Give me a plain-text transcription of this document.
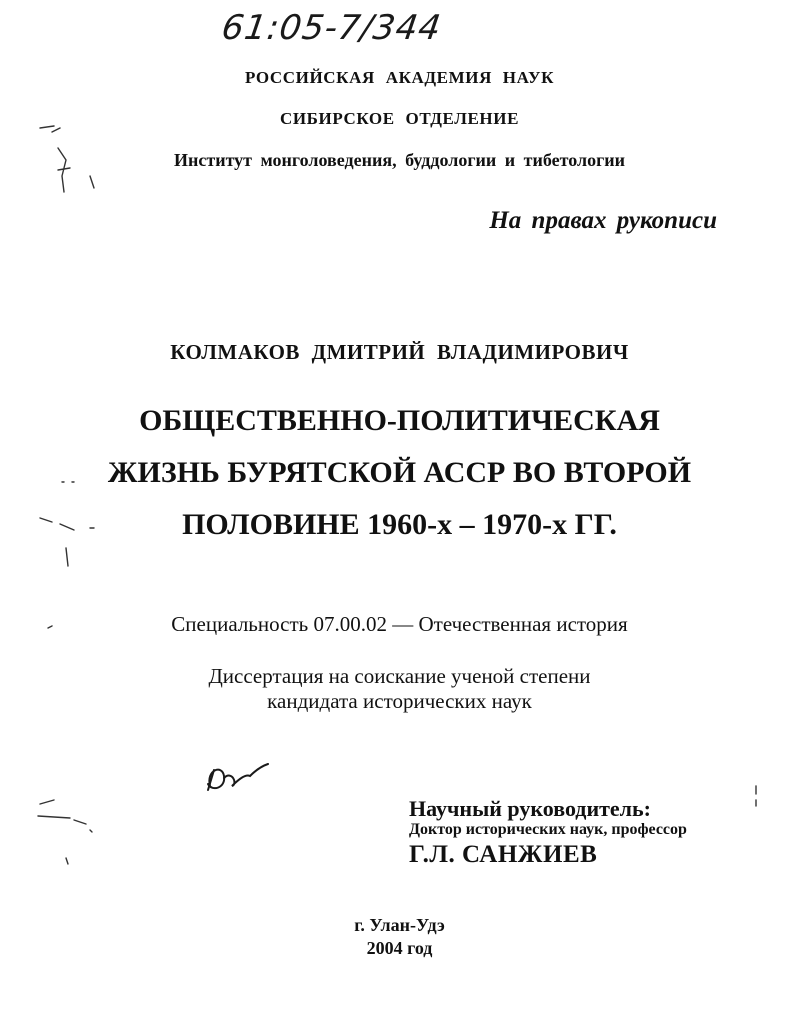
61:05-7/344
РОССИЙСКАЯ АКАДЕМИЯ НАУК
СИБИРСКОЕ ОТДЕЛЕНИЕ
Институт монголоведения, буддологии и тибетологии
На правах рукописи
КОЛМАКОВ ДМИТРИЙ ВЛАДИМИРОВИЧ
ОБЩЕСТВЕННО-ПОЛИТИЧЕСКАЯ
ЖИЗНЬ БУРЯТСКОЙ АССР ВО ВТОРОЙ
ПОЛОВИНЕ 1960-х – 1970-х ГГ.
Специальность 07.00.02 — Отечественная история
Диссертация на соискание ученой степени
кандидата исторических наук
Научный руководитель:
Доктор исторических наук, профессор
Г.Л. САНЖИЕВ
г. Улан-Удэ
2004 год
